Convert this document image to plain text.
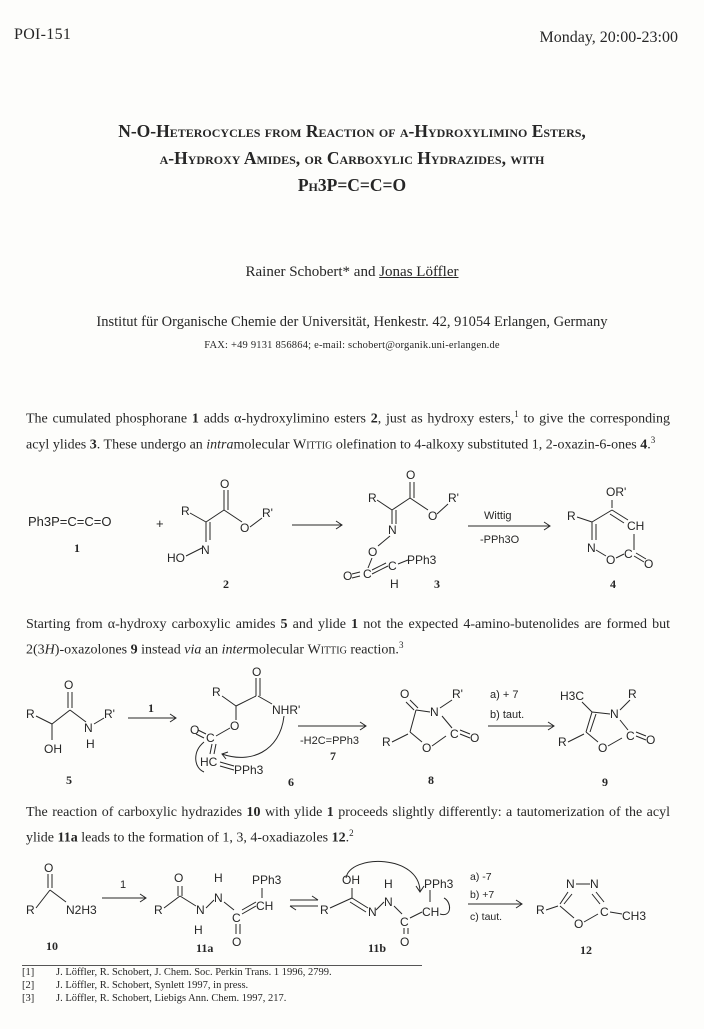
POI-151	Monday, 20:00-23:00
N-O-Heterocycles from Reaction of α-Hydroxylimino Esters,
α-Hydroxy Amides, or Carboxylic Hydrazides, with
Ph3P=C=C=O
Rainer Schobert* and Jonas Löffler
Institut für Organische Chemie der Universität, Henkestr. 42, 91054 Erlangen, Germany
FAX: +49 9131 856864; e-mail: schobert@organik.uni-erlangen.de
The cumulated phosphorane 1 adds α-hydroxylimino esters 2, just as hydroxy esters,$^1$ to give the corresponding acyl ylides 3. These undergo an intramolecular Wittig olefination to 4-alkoxy substituted 1, 2-oxazin-6-ones 4.$^3$
Ph3P=C=C=O
1
+
R
O
O
R'
N
HO
2
R
O
O
R'
N
O
C
O
C PPh3
H	3
Wittig
-PPh3O
OR'
R
CH
N
O C
O
4
Starting from α-hydroxy carboxylic amides 5 and ylide 1 not the expected 4-amino-butenolides are formed but 2(3H)-oxazolones 9 instead via an intermolecular Wittig reaction.$^3$
O
R
N
R'
H
OH
5
1
R
O
NHR'
O
C
O
HC
PPh3
6
-H2C=PPh3
7
O
N
R'
C O
O
R
8
a) + 7
b) taut.
H3C
N
R
C O
O
R
9
The reaction of carboxylic hydrazides 10 with ylide 1 proceeds slightly differently: a tautomerization of the acyl ylide 11a leads to the formation of 1, 3, 4-oxadiazoles 12.$^2$
O
R	N2H3
10
1	O
R	N
H
N
H
C
O
CH
PPh3
11a
OH
R	N
N
H
C
O
CH
PPh3
11b
a) -7
b) +7
c) taut.
N N
C CH3
O
R
12
[1] J. Löffler, R. Schobert, J. Chem. Soc. Perkin Trans. 1 1996, 2799.
[2] J. Löffler, R. Schobert, Synlett 1997, in press.
[3] J. Löffler, R. Schobert, Liebigs Ann. Chem. 1997, 217.
